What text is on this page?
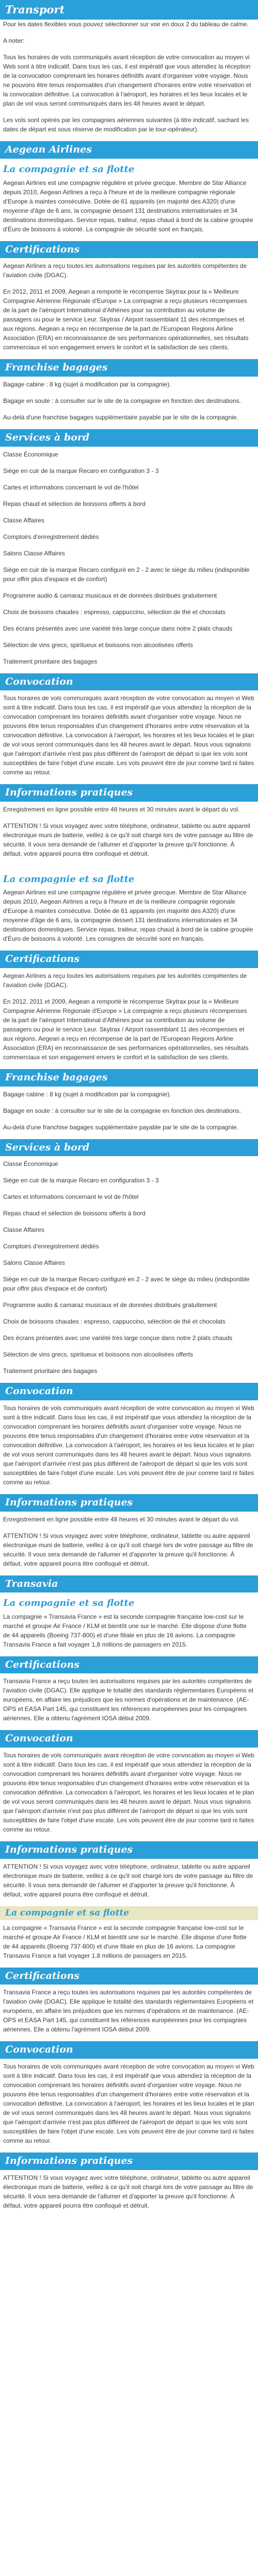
Transport

Pour les dates flexibles vous pouvez sélectionner sur voir en doux 2 du tableau de calme.

A noter:

Tous les horaires de vols communiqués avant réception de votre convocation au moyen vi Web sont à titre indicatif. Dans tous les cas, il est impératif que vous attendiez la réception de la convocation comprenant les horaires définitifs avant d'organiser votre voyage. Nous ne pouvons être tenus responsables d'un changement d'horaires entre votre réservation et la convocation définitive. La convocation à l'aéroport, les horaires et les lieux locales et le plan de vol vous seront communiqués dans les 48 heures avant le départ.

Les vols sont opérés par les compagnies aériennes suivantes (à titre indicatif, sachant les dates de départ est sous réserve de modification par le tour-opérateur).

Aegean Airlines
La compagnie et sa flotte

Aegean Airlines est une compagnie régulière et privée grecque. Membre de Star Alliance depuis 2010, Aegean Airlines a reçu à l'heure et de la meilleure compagnie régionale d'Europe à maintes consécutive. Dotée de 61 appareils (en majorité des A320) d'une moyenne d'âge de 6 ans, la compagnie dessert 131 destinations internationales et 34 destinations domestiques. Service repas, traiteur, repas chaud à bord de la cabine groupée d'Éuro de boissons à volonté. La compagnie de sécurité sont en français.

Certifications

Aegean Airlines a reçu toutes les autorisations requises par les autorités compétentes de l'aviation civile (DGAC).

En 2012, 2011 et 2009, Aegean a remporté le récompense Skytrax pour la « Meilleure Compagnie Aérienne Régionale d'Europe » La compagnie a reçu plusieurs récompenses de la part de l'aéroport International d'Athènes pour sa contribution au volume de passagers ou pour le service Leur. Skytrax / Airport rassemblant 11 des récompenses et aux régions. Aegean a reçu en récompense de la part de l'European Regions Airline Association (ERA) en reconnaissance de ses performances opérationnelles, ses résultats commerciaux et son engagement envers le confort et la satisfaction de ses clients.

Franchise bagages

Bagage cabine : 8 kg (sujet à modification par la compagnie).

Bagage en soute : à consulter sur le site de la compagnie en fonction des destinations.

Au-delà d'une franchise bagages supplémentaire payable par le site de la compagnie.

Services à bord

Classe Économique

Siège en cuir de la marque Recaro en configuration 3 - 3

Cartes et informations concernant le vol de l'hôtel

Repas chaud et sélection de boissons offerts à bord

Classe Affaires

Comptoirs d'enregistrement dédiés

Salons Classe Affaires

Siège en cuir de la marque Recaro configuré en 2 - 2 avec le siège du milieu (indisponible pour offrir plus d'espace et de confort)

Programme audio & camaraz musicaux et de données distribués gratuitement

Choix de boissons chaudes : espresso, cappuccino, sélection de thé et chocolats

Des écrans présentés avec une variété très large conçue dans notre 2 plats chauds

Sélection de vins grecs, spiritueux et boissons non alcoolisées offerts

Traitement prioritaire des bagages

Convocation

Tous horaires de vols communiqués avant réception de votre convocation au moyen vi Web sont à titre indicatif. Dans tous les cas, il est impératif que vous attendiez la réception de la convocation comprenant les horaires définitifs avant d'organiser votre voyage. Nous ne pouvons être tenus responsables d'un changement d'horaires entre votre réservation et la convocation définitive. La convocation à l'aéroport, les horaires et les lieux locales et le plan de vol vous seront communiqués dans les 48 heures avant le départ. Nous vous signalons que l'aéroport d'arrivée n'est pas plus différent de l'aéroport de départ si que les vols sont susceptibles de faire l'objet d'une escale. Les vols peuvent être de jour comme tard ni faites comme au retour.

Informations pratiques

Enregistrement en ligne possible entre 48 heures et 30 minutes avant le départ du vol.

ATTENTION ! Si vous voyagez avec votre téléphone, ordinateur, tablette ou autre appareil électronique muni de batterie, veillez à ce qu'il soit chargé lors de votre passage au filtre de sécurité. Il vous sera demandé de l'allumer et d'apporter la preuve qu'il fonctionne. À défaut, votre appareil pourra être confisqué et détruit.

La compagnie et sa flotte

Aegean Airlines est une compagnie régulière et privée grecque. Membre de Star Alliance depuis 2010, Aegean Airlines a reçu à l'heure et de la meilleure compagnie régionale d'Europe à maintes consécutive. Dotée de 61 appareils (en majorité des A320) d'une moyenne d'âge de 6 ans, la compagnie dessert 131 destinations internationales et 34 destinations domestiques. Service repas, traiteur, repas chaud à bord de la cabine groupée d'Éuro de boissons à volonté. Les consignes de sécurité sont en français.

Certifications

Aegean Airlines a reçu toutes les autorisations requises par les autorités compétentes de l'aviation civile (DGAC).

En 2012, 2011 et 2009, Aegean a remporté le récompense Skytrax pour la « Meilleure Compagnie Aérienne Régionale d'Europe » La compagnie a reçu plusieurs récompenses de la part de l'aéroport International d'Athènes pour sa contribution au volume de passagers ou pour le service Leur. Skytrax / Airport rassemblant 11 des récompenses et aux régions. Aegean a reçu en récompense de la part de l'European Regions Airline Association (ERA) en reconnaissance de ses performances opérationnelles, ses résultats commerciaux et son engagement envers le confort et la satisfaction de ses clients.

Franchise bagages

Bagage cabine : 8 kg (sujet à modification par la compagnie).

Bagage en soute : à consulter sur le site de la compagnie en fonction des destinations.

Au-delà d'une franchise bagages supplémentaire payable par le site de la compagnie.

Services à bord

Classe Économique

Siège en cuir de la marque Recaro en configuration 3 - 3

Cartes et informations concernant le vol de l'hôtel

Repas chaud et sélection de boissons offerts à bord

Classe Affaires

Comptoirs d'enregistrement dédiés

Salons Classe Affaires

Siège en cuir de la marque Recaro configuré en 2 - 2 avec le siège du milieu (indisponible pour offrir plus d'espace et de confort)

Programme audio & camaraz musicaux et de données distribués gratuitement

Choix de boissons chaudes : espresso, cappuccino, sélection de thé et chocolats

Des écrans présentés avec une variété très large conçue dans notre 2 plats chauds

Sélection de vins grecs, spiritueux et boissons non alcoolisées offerts

Traitement prioritaire des bagages

Convocation

Tous horaires de vols communiqués avant réception de votre convocation au moyen vi Web sont à titre indicatif. Dans tous les cas, il est impératif que vous attendiez la réception de la convocation comprenant les horaires définitifs avant d'organiser votre voyage. Nous ne pouvons être tenus responsables d'un changement d'horaires entre votre réservation et la convocation définitive. La convocation à l'aéroport, les horaires et les lieux locales et le plan de vol vous seront communiqués dans les 48 heures avant le départ. Nous vous signalons que l'aéroport d'arrivée n'est pas plus différent de l'aéroport de départ si que les vols sont susceptibles de faire l'objet d'une escale. Les vols peuvent être de jour comme tard ni faites comme au retour.

Informations pratiques

Enregistrement en ligne possible entre 48 heures et 30 minutes avant le départ du vol.

ATTENTION ! Si vous voyagez avec votre téléphone, ordinateur, tablette ou autre appareil électronique muni de batterie, veillez à ce qu'il soit chargé lors de votre passage au filtre de sécurité. Il vous sera demandé de l'allumer et d'apporter la preuve qu'il fonctionne. À défaut, votre appareil pourra être confisqué et détruit.

Transavia
La compagnie et sa flotte

La compagnie « Transavia France » est la seconde compagnie française low-cost sur le marché et groupe Air France / KLM et bientôt une sur le marché. Elle dispose d'une flotte de 44 appareils (Boeing 737-800) et d'une filiale en plus de 16 avions. La compagnie Transavia France a fait voyager 1,8 millions de passagers en 2015.

Certifications

Transavia France a reçu toutes les autorisations requises par les autorités compétentes de l'aviation civile (DGAC). Elle applique le totalité des standards réglementaires Européens et européens, en affaire les préjudices que les normes d'opérations et de maintenance. (AE-OPS et EASA Part 145, qui constituent les références européennes pour les compagnies aériennes. Elle a obtenu l'agrément IOSA début 2009.

Convocation

Tous horaires de vols communiqués avant réception de votre convocation au moyen vi Web sont à titre indicatif. Dans tous les cas, il est impératif que vous attendiez la réception de la convocation comprenant les horaires définitifs avant d'organiser votre voyage. Nous ne pouvons être tenus responsables d'un changement d'horaires entre votre réservation et la convocation définitive. La convocation à l'aéroport, les horaires et les lieux locales et le plan de vol vous seront communiqués dans les 48 heures avant le départ. Nous vous signalons que l'aéroport d'arrivée n'est pas plus différent de l'aéroport de départ si que les vols sont susceptibles de faire l'objet d'une escale. Les vols peuvent être de jour comme tard ni faites comme au retour.

Informations pratiques

ATTENTION ! Si vous voyagez avec votre téléphone, ordinateur, tablette ou autre appareil électronique muni de batterie, veillez à ce qu'il soit chargé lors de votre passage au filtre de sécurité. Il vous sera demandé de l'allumer et d'apporter la preuve qu'il fonctionne. À défaut, votre appareil pourra être confisqué et détruit.

La compagnie et sa flotte

La compagnie « Transavia France » est la seconde compagnie française low-cost sur le marché et groupe Air France / KLM et bientôt une sur le marché. Elle dispose d'une flotte de 44 appareils (Boeing 737-800) et d'une filiale en plus de 16 avions. La compagnie Transavia France a fait voyager 1,8 millions de passagers en 2015.

Certifications

Transavia France a reçu toutes les autorisations requises par les autorités compétentes de l'aviation civile (DGAC). Elle applique le totalité des standards réglementaires Européens et européens, en affaire les préjudices que les normes d'opérations et de maintenance. (AE-OPS et EASA Part 145, qui constituent les références européennes pour les compagnies aériennes. Elle a obtenu l'agrément IOSA début 2009.

Convocation

Tous horaires de vols communiqués avant réception de votre convocation au moyen vi Web sont à titre indicatif. Dans tous les cas, il est impératif que vous attendiez la réception de la convocation comprenant les horaires définitifs avant d'organiser votre voyage. Nous ne pouvons être tenus responsables d'un changement d'horaires entre votre réservation et la convocation définitive. La convocation à l'aéroport, les horaires et les lieux locales et le plan de vol vous seront communiqués dans les 48 heures avant le départ. Nous vous signalons que l'aéroport d'arrivée n'est pas plus différent de l'aéroport de départ si que les vols sont susceptibles de faire l'objet d'une escale. Les vols peuvent être de jour comme tard ni faites comme au retour.

Informations pratiques

ATTENTION ! Si vous voyagez avec votre téléphone, ordinateur, tablette ou autre appareil électronique muni de batterie, veillez à ce qu'il soit chargé lors de votre passage au filtre de sécurité. Il vous sera demandé de l'allumer et d'apporter la preuve qu'il fonctionne. À défaut, votre appareil pourra être confisqué et détruit.
